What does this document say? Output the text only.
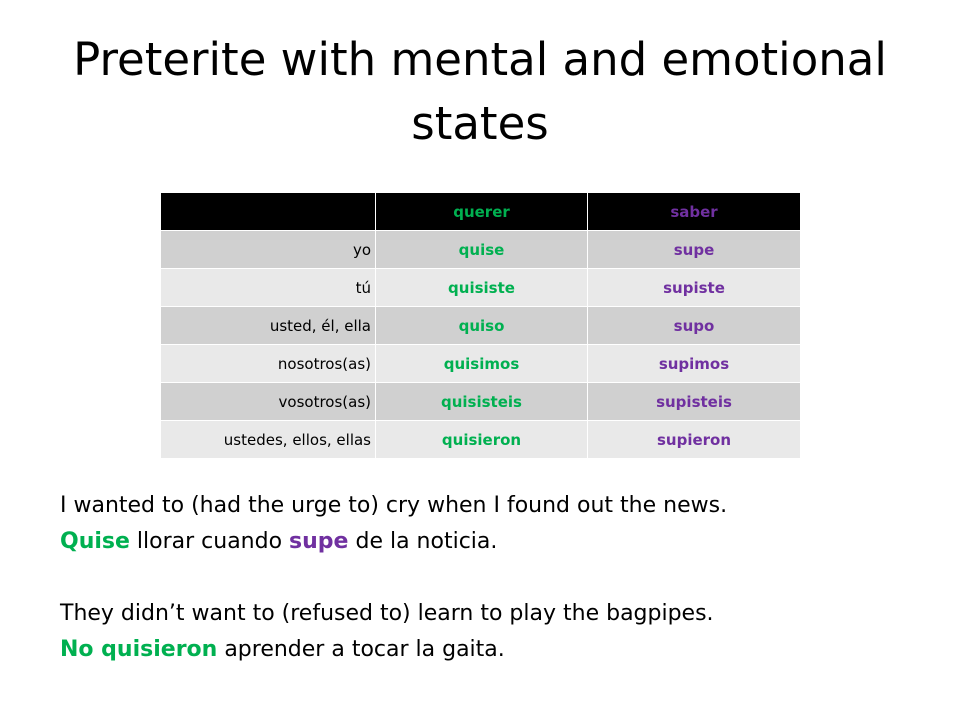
Preterite with mental and emotional states
	querer	saber
yo	quise	supe
tú	quisiste	supiste
usted, él, ella	quiso	supo
nosotros(as)	quisimos	supimos
vosotros(as)	quisisteis	supisteis
ustedes, ellos, ellas	quisieron	supieron

I wanted to (had the urge to) cry when I found out the news.

Quise llorar cuando supe de la noticia.

They didn’t want to (refused to) learn to play the bagpipes.

No quisieron aprender a tocar la gaita.
